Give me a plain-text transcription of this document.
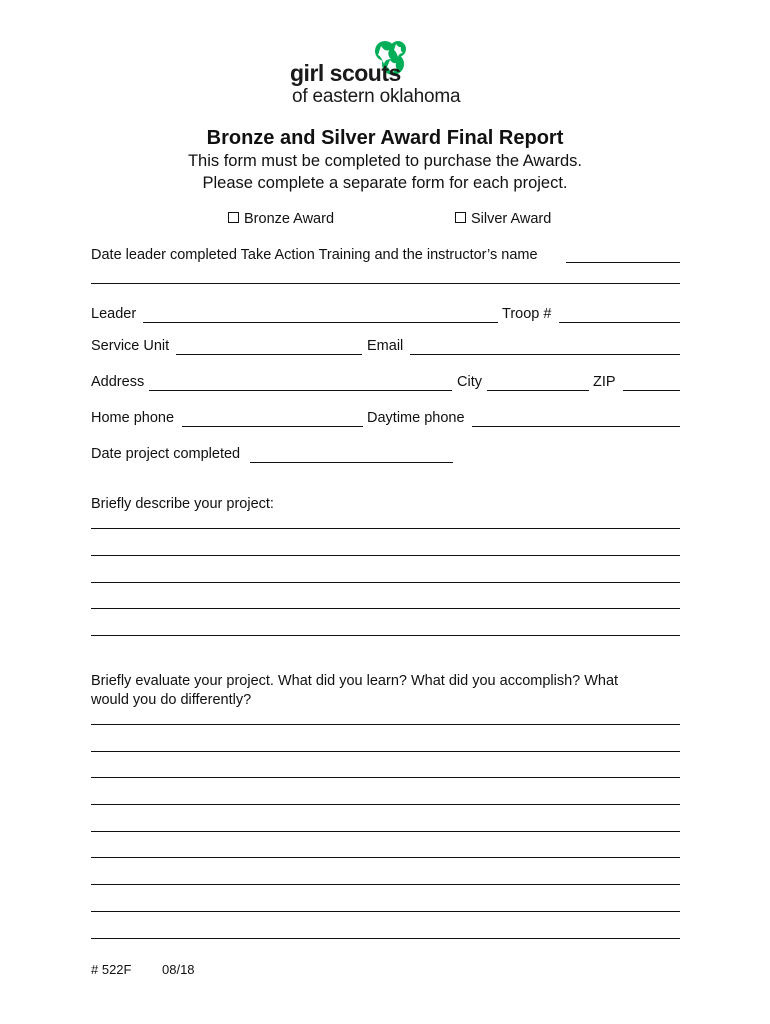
girl scouts
of eastern oklahoma
Bronze and Silver Award Final Report
This form must be completed to purchase the Awards.
Please complete a separate form for each project.
Bronze Award	Silver Award
Date leader completed Take Action Training and the instructor’s name
Leader	Troop #
Service Unit	Email
Address	City	ZIP
Home phone	Daytime phone
Date project completed
Briefly describe your project:
Briefly evaluate your project. What did you learn? What did you accomplish? What
would you do differently?
# 522F 08/18
